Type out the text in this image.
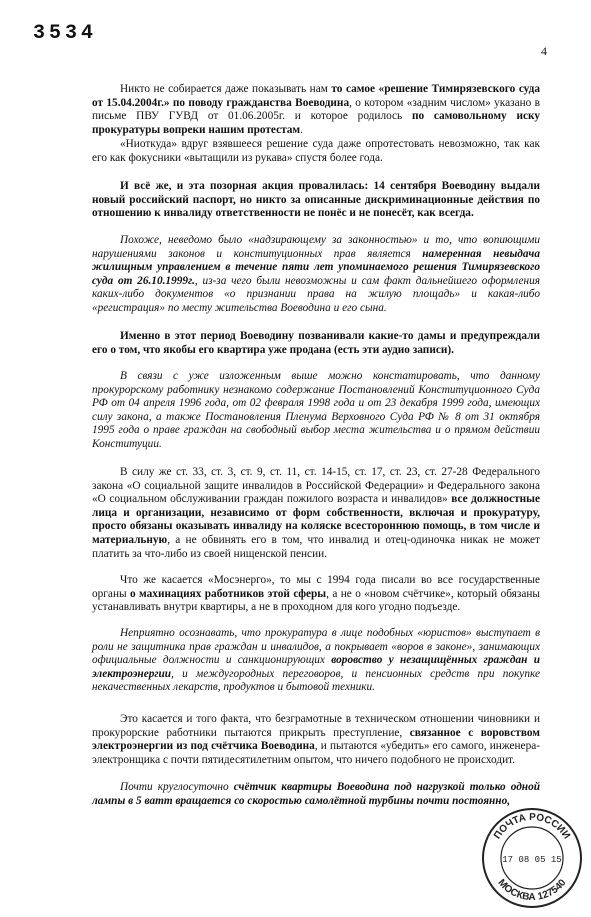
3534
4

Никто не собирается даже показывать нам то самое «решение Тимирязевского суда от 15.04.2004г.» по поводу гражданства Воеводина, о котором «задним числом» указано в письме ПВУ ГУВД от 01.06.2005г. и которое родилось по самовольному иску прокуратуры вопреки нашим протестам.

«Ниоткуда» вдруг взявшееся решение суда даже опротестовать невозможно, так как его как фокусники «вытащили из рукава» спустя более года.

И всё же, и эта позорная акция провалилась: 14 сентября Воеводину выдали новый российский паспорт, но никто за описанные дискриминационные действия по отношению к инвалиду ответственности не понёс и не понесёт, как всегда.

Похоже, неведомо было «надзирающему за законностью» и то, что вопиющими нарушениями законов и конституционных прав является намеренная невыдача жилищным управлением в течение пяти лет упоминаемого решения Тимирязевского суда от 26.10.1999г., из-за чего были невозможны и сам факт дальнейшего оформления каких-либо документов «о признании права на жилую площадь» и какая-либо «регистрация» по месту жительства Воеводина и его сына.

Именно в этот период Воеводину позванивали какие-то дамы и предупреждали его о том, что якобы его квартира уже продана (есть эти аудио записи).

В связи с уже изложенным выше можно констатировать, что данному прокурорскому работнику незнакомо содержание Постановлений Конституционного Суда РФ от 04 апреля 1996 года, от 02 февраля 1998 года и от 23 декабря 1999 года, имеющих силу закона, а также Постановления Пленума Верховного Суда РФ № 8 от 31 октября 1995 года о праве граждан на свободный выбор места жительства и о прямом действии Конституции.

В силу же ст. 33, ст. 3, ст. 9, ст. 11, ст. 14-15, ст. 17, ст. 23, ст. 27-28 Федерального закона «О социальной защите инвалидов в Российской Федерации» и Федерального закона «О социальном обслуживании граждан пожилого возраста и инвалидов» все должностные лица и организации, независимо от форм собственности, включая и прокуратуру, просто обязаны оказывать инвалиду на коляске всестороннюю помощь, в том числе и материальную, а не обвинять его в том, что инвалид и отец-одиночка никак не может платить за что-либо из своей нищенской пенсии.

Что же касается «Мосэнерго», то мы с 1994 года писали во все государственные органы о махинациях работников этой сферы, а не о «новом счётчике», который обязаны устанавливать внутри квартиры, а не в проходном для кого угодно подъезде.

Неприятно осознавать, что прокуратура в лице подобных «юристов» выступает в роли не защитника прав граждан и инвалидов, а покрывает «воров в законе», занимающих официальные должности и санкционирующих воровство у незащищённых граждан и электроэнергии, и междугородных переговоров, и пенсионных средств при покупке некачественных лекарств, продуктов и бытовой техники.

Это касается и того факта, что безграмотные в техническом отношении чиновники и прокурорские работники пытаются прикрыть преступление, связанное с воровством электроэнергии из под счётчика Воеводина, и пытаются «убедить» его самого, инженера-электронщика с почти пятидесятилетним опытом, что ничего подобного не происходит.

Почти круглосуточно счётчик квартиры Воеводина под нагрузкой только одной лампы в 5 ватт вращается со скоростью самолётной турбины почти постоянно,

ПОЧТА РОССИИ
МОСКВА 127540
17 08 05 15
